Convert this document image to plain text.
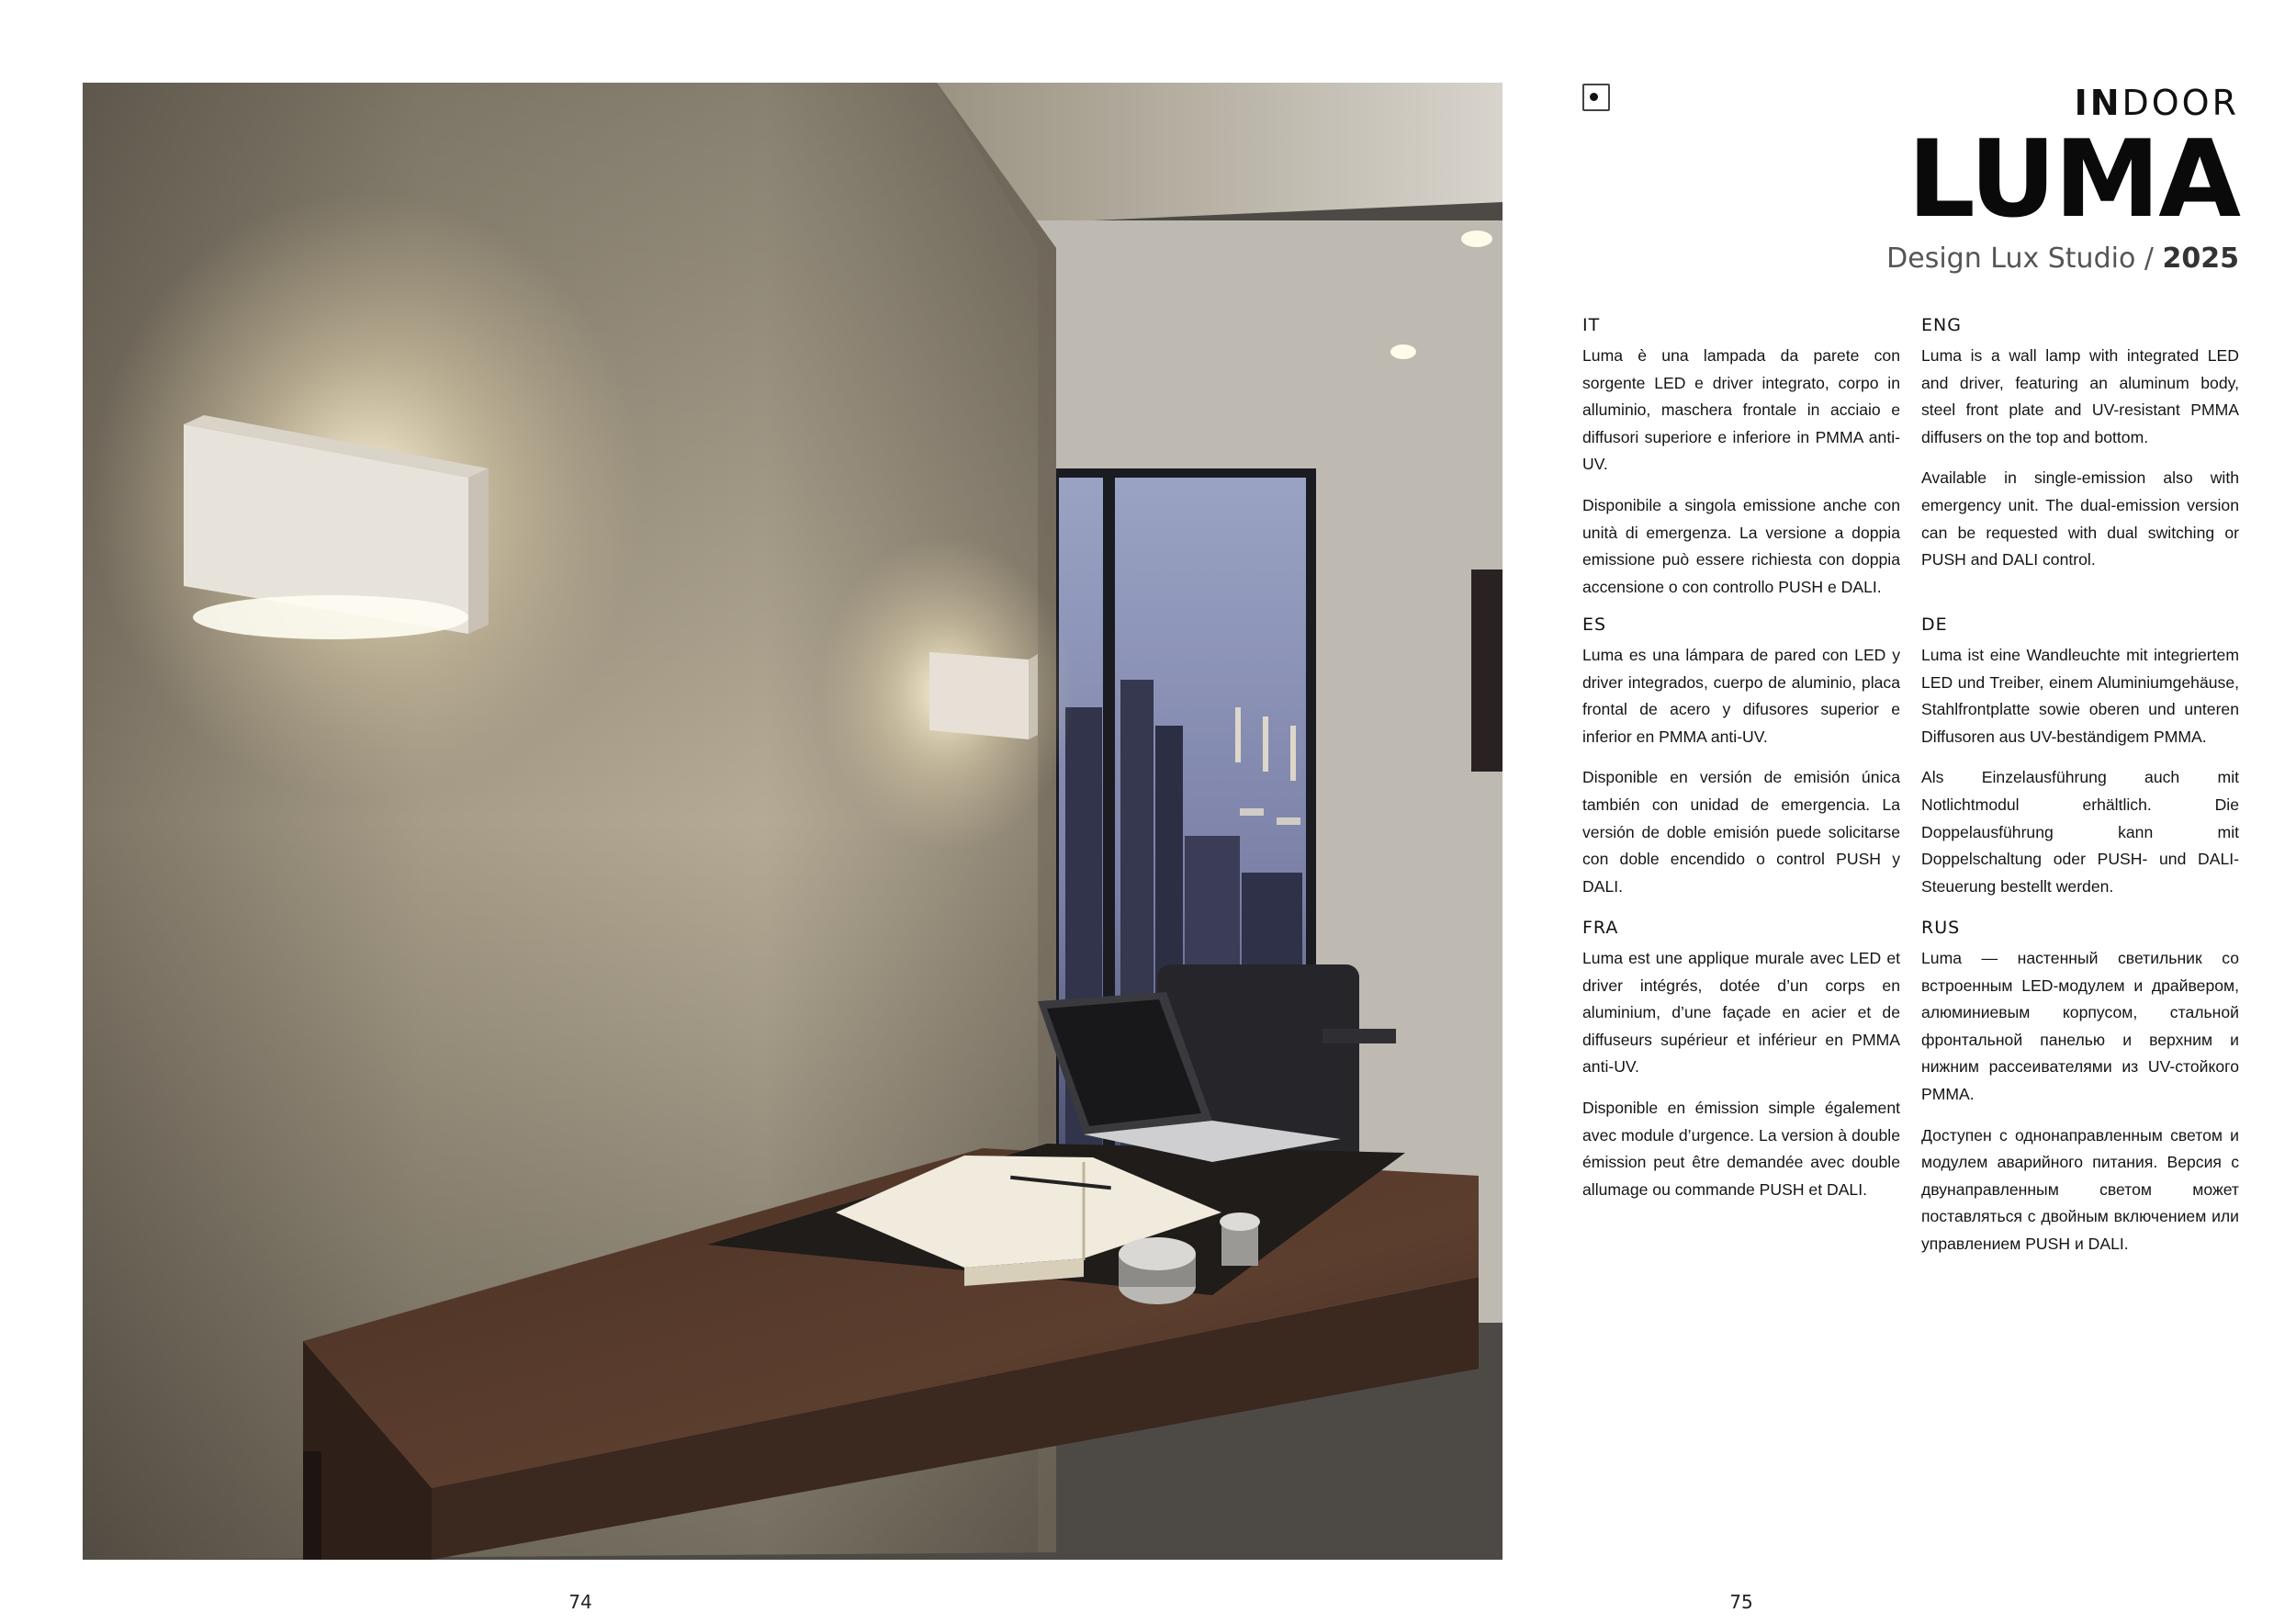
74	75
INDOOR
LUMA
Design Lux Studio / 2025
IT

Luma è una lampada da parete con sorgente LED e driver integrato, corpo in alluminio, maschera frontale in acciaio e diffusori superiore e inferiore in PMMA anti-UV.

Disponibile a singola emissione anche con unità di emergenza. La versione a doppia emissione può essere richiesta con doppia accensione o con controllo PUSH e DALI.

ENG

Luma is a wall lamp with integrated LED and driver, featuring an aluminum body, steel front plate and UV-resistant PMMA diffusers on the top and bottom.

Available in single-emission also with emergency unit. The dual-emission version can be requested with dual switching or PUSH and DALI control.

ES

Luma es una lámpara de pared con LED y driver integrados, cuerpo de aluminio, placa frontal de acero y difusores superior e inferior en PMMA anti-UV.

Disponible en versión de emisión única también con unidad de emergencia. La versión de doble emisión puede solicitarse con doble encendido o control PUSH y DALI.

DE

Luma ist eine Wandleuchte mit integriertem LED und Treiber, einem Aluminiumgehäuse, Stahlfrontplatte sowie oberen und unteren Diffusoren aus UV-beständigem PMMA.

Als Einzelausführung auch mit Notlichtmodul erhältlich. Die Doppelausführung kann mit Doppelschaltung oder PUSH- und DALI-Steuerung bestellt werden.

FRA

Luma est une applique murale avec LED et driver intégrés, dotée d’un corps en aluminium, d’une façade en acier et de diffuseurs supérieur et inférieur en PMMA anti-UV.

Disponible en émission simple également avec module d’urgence. La version à double émission peut être demandée avec double allumage ou commande PUSH et DALI.

RUS

Luma — настенный светильник со встроенным LED-модулем и драйвером, алюминиевым корпусом, стальной фронтальной панелью и верхним и нижним рассеивателями из UV-стойкого PMMA.

Доступен с однонаправленным светом и модулем аварийного питания. Версия с двунаправленным светом может поставляться с двойным включением или управлением PUSH и DALI.
